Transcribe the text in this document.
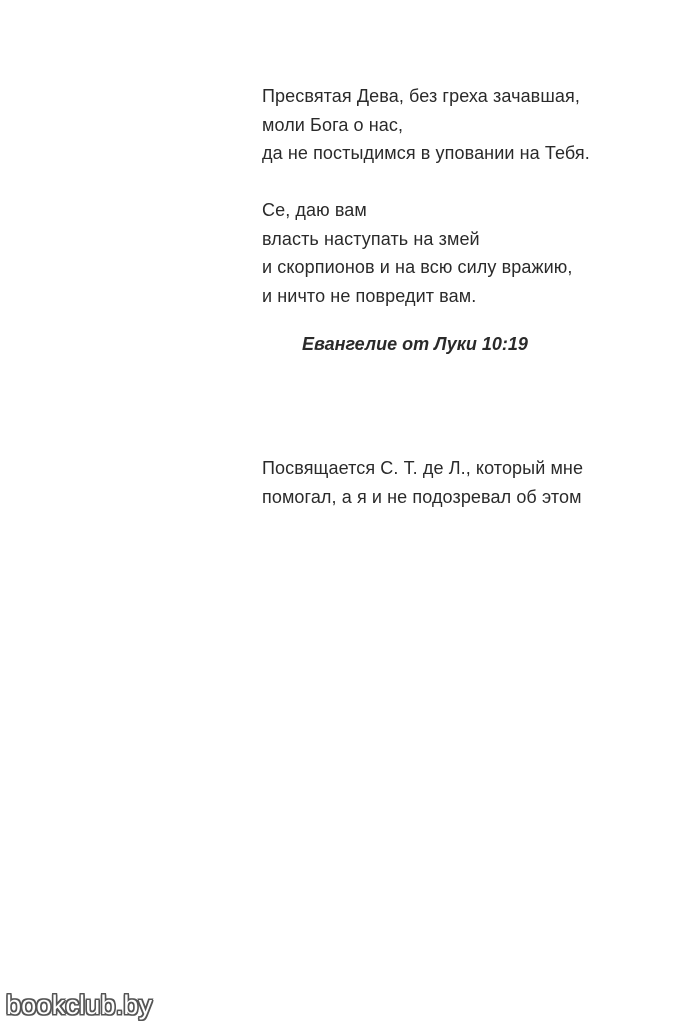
Пресвятая Дева, без греха зачавшая,
моли Бога о нас,
да не постыдимся в уповании на Тебя.
Се, даю вам
власть наступать на змей
и скорпионов и на всю силу вражию,
и ничто не повредит вам.
Евангелие от Луки 10:19
Посвящается С. Т. де Л., который мне
помогал, а я и не подозревал об этом
bookclub.by
